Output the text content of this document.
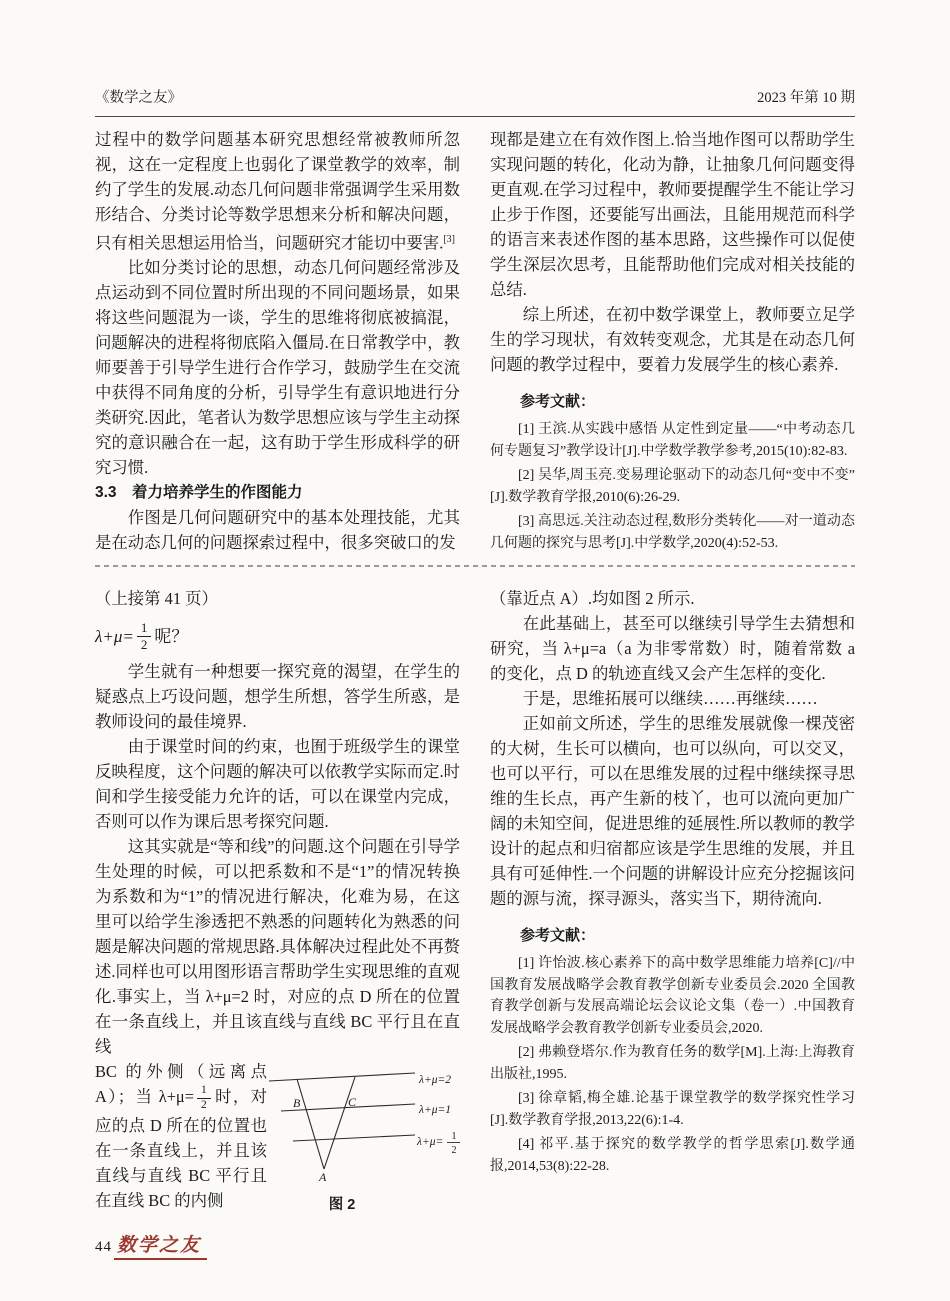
《数学之友》	2023 年第 10 期

过程中的数学问题基本研究思想经常被教师所忽视，这在一定程度上也弱化了课堂教学的效率，制约了学生的发展.动态几何问题非常强调学生采用数形结合、分类讨论等数学思想来分析和解决问题，只有相关思想运用恰当，问题研究才能切中要害.[3]

比如分类讨论的思想，动态几何问题经常涉及点运动到不同位置时所出现的不同问题场景，如果将这些问题混为一谈，学生的思维将彻底被搞混，问题解决的进程将彻底陷入僵局.在日常教学中，教师要善于引导学生进行合作学习，鼓励学生在交流中获得不同角度的分析，引导学生有意识地进行分类研究.因此，笔者认为数学思想应该与学生主动探究的意识融合在一起，这有助于学生形成科学的研究习惯.

3.3　着力培养学生的作图能力

作图是几何问题研究中的基本处理技能，尤其是在动态几何的问题探索过程中，很多突破口的发

现都是建立在有效作图上.恰当地作图可以帮助学生实现问题的转化，化动为静，让抽象几何问题变得更直观.在学习过程中，教师要提醒学生不能让学习止步于作图，还要能写出画法，且能用规范而科学的语言来表述作图的基本思路，这些操作可以促使学生深层次思考，且能帮助他们完成对相关技能的总结.

综上所述，在初中数学课堂上，教师要立足学生的学习现状，有效转变观念，尤其是在动态几何问题的教学过程中，要着力发展学生的核心素养.

参考文献：

[1] 王滨.从实践中感悟 从定性到定量——“中考动态几何专题复习”教学设计[J].中学数学教学参考,2015(10):82-83.

[2] 吴华,周玉亮.变易理论驱动下的动态几何“变中不变”[J].数学教育学报,2010(6):26-29.

[3] 高思远.关注动态过程,数形分类转化——对一道动态几何题的探究与思考[J].中学数学,2020(4):52-53.

（上接第 41 页）

$\lambda+\mu= \frac{1}{2}$ 呢？

学生就有一种想要一探究竟的渴望，在学生的疑惑点上巧设问题，想学生所想，答学生所惑，是教师设问的最佳境界.

由于课堂时间的约束，也囿于班级学生的课堂反映程度，这个问题的解决可以依教学实际而定.时间和学生接受能力允许的话，可以在课堂内完成，否则可以作为课后思考探究问题.

这其实就是“等和线”的问题.这个问题在引导学生处理的时候，可以把系数和不是“1”的情况转换为系数和为“1”的情况进行解决，化难为易，在这里可以给学生渗透把不熟悉的问题转化为熟悉的问题是解决问题的常规思路.具体解决过程此处不再赘述.同样也可以用图形语言帮助学生实现思维的直观化.事实上，当 λ+μ=2 时，对应的点 D 所在的位置在一条直线上，并且该直线与直线 BC 平行且在直线

BC 的外侧（远离点 A）；当 $\lambda+\mu= \frac{1}{2}$ 时，对应的点 D 所在的位置也在一条直线上，并且该直线与直线 BC 平行且在直线 BC 的内侧
B	C
A
λ+μ=2
λ+μ=1
λ+μ= 1
2
图 2

（靠近点 A）.均如图 2 所示.

在此基础上，甚至可以继续引导学生去猜想和研究，当 λ+μ=a（a 为非零常数）时，随着常数 a 的变化，点 D 的轨迹直线又会产生怎样的变化.

于是，思维拓展可以继续……再继续……

正如前文所述，学生的思维发展就像一棵茂密的大树，生长可以横向，也可以纵向，可以交叉，也可以平行，可以在思维发展的过程中继续探寻思维的生长点，再产生新的枝丫，也可以流向更加广阔的未知空间，促进思维的延展性.所以教师的教学设计的起点和归宿都应该是学生思维的发展，并且具有可延伸性.一个问题的讲解设计应充分挖掘该问题的源与流，探寻源头，落实当下，期待流向.

参考文献：

[1] 许怡波.核心素养下的高中数学思维能力培养[C]//中国教育发展战略学会教育教学创新专业委员会.2020 全国教育教学创新与发展高端论坛会议论文集（卷一）.中国教育发展战略学会教育教学创新专业委员会,2020.

[2] 弗赖登塔尔.作为教育任务的数学[M].上海:上海教育出版社,1995.

[3] 徐章韬,梅全雄.论基于课堂教学的数学探究性学习[J].数学教育学报,2013,22(6):1-4.

[4] 祁平.基于探究的数学教学的哲学思索[J].数学通报,2014,53(8):22-28.

44 数学之友
